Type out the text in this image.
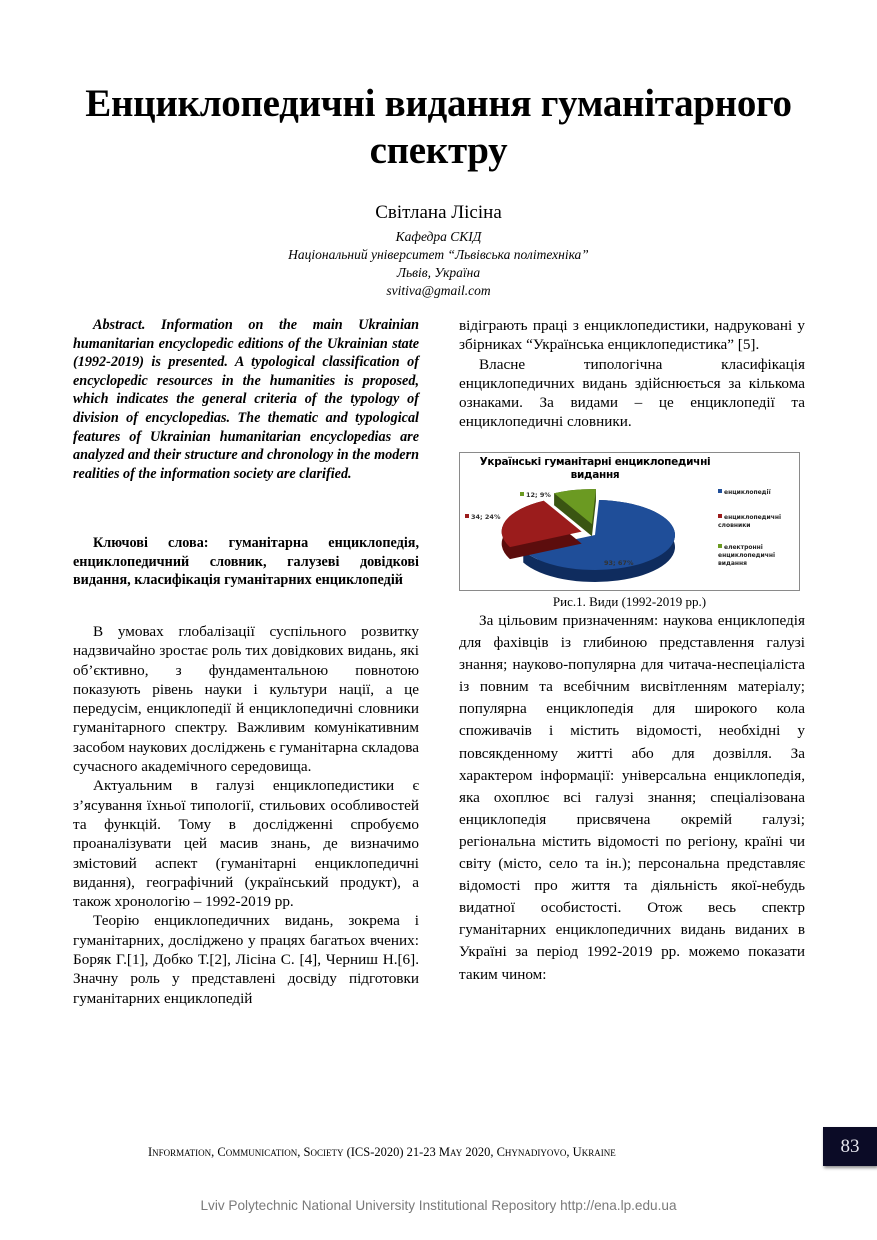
Енциклопедичні видання гуманітарного
спектру
Світлана Лісіна
Кафедра СКІД
Національний університет “Львівська політехніка”
Львів, Україна
svitiva@gmail.com
Abstract. Information on the main Ukrainian humanitarian encyclopedic editions of the Ukrainian state (1992-2019) is presented. A typological classification of encyclopedic resources in the humanities is proposed, which indicates the general criteria of the typology of division of encyclopedias. The thematic and typological features of Ukrainian humanitarian encyclopedias are analyzed and their structure and chronology in the modern realities of the information society are clarified.
Ключові слова: гуманітарна енциклопедія, енциклопедичний словник, галузеві довідкові видання, класифікація гуманітарних енциклопедій

В умовах глобалізації суспільного розвитку надзвичайно зростає роль тих довідкових видань, які об’єктивно, з фундаментальною повнотою показують рівень науки і культури нації, а це передусім, енциклопедії й енциклопедичні словники гуманітарного спектру. Важливим комунікативним засобом наукових досліджень є гуманітарна складова сучасного академічного середовища.

Актуальним в галузі енциклопедистики є з’ясування їхньої типології, стильових особливостей та функцій. Тому в дослідженні спробуємо проаналізувати цей масив знань, де визначимо змістовий аспект (гуманітарні енциклопедичні видання), географічний (український продукт), а також хронологію – 1992-2019 рр.

Теорію енциклопедичних видань, зокрема і гуманітарних, досліджено у працях багатьох вчених: Боряк Г.[1], Добко Т.[2], Лісіна С. [4], Черниш Н.[6]. Значну роль у представлені досвіду підготовки гуманітарних енциклопедій

відіграють праці з енциклопедистики, надруковані у збірниках “Українська енциклопедистика” [5].

Власне типологічна класифікація енциклопедичних видань здійснюється за кількома ознаками. За видами – це енциклопедії та енциклопедичні словники.

Українські гуманітарні енциклопедичні видання
93; 67%
34; 24%
12; 9%	енциклопедії
енциклопедичні словники
електронні енциклопедичні видання
Рис.1. Види (1992-2019 рр.)

За цільовим призначенням: наукова енциклопедія для фахівців із глибиною представлення галузі знання; науково-популярна для читача-неспеціаліста із повним та всебічним висвітленням матеріалу; популярна енциклопедія для широкого кола споживачів і містить відомості, необхідні у повсякденному житті або для дозвілля. За характером інформації: універсальна енциклопедія, яка охоплює всі галузі знання; спеціалізована енциклопедія присвячена окремій галузі; регіональна містить відомості по регіону, країні чи світу (місто, село та ін.); персональна представляє відомості про життя та діяльність якої-небудь видатної особистості. Отож весь спектр гуманітарних енциклопедичних видань виданих в Україні за період 1992-2019 рр. можемо показати таким чином:

Information, Communication, Society (ICS-2020) 21-23 May 2020, Chynadiyovo, Ukraine	83
Lviv Polytechnic National University Institutional Repository http://ena.lp.edu.ua
